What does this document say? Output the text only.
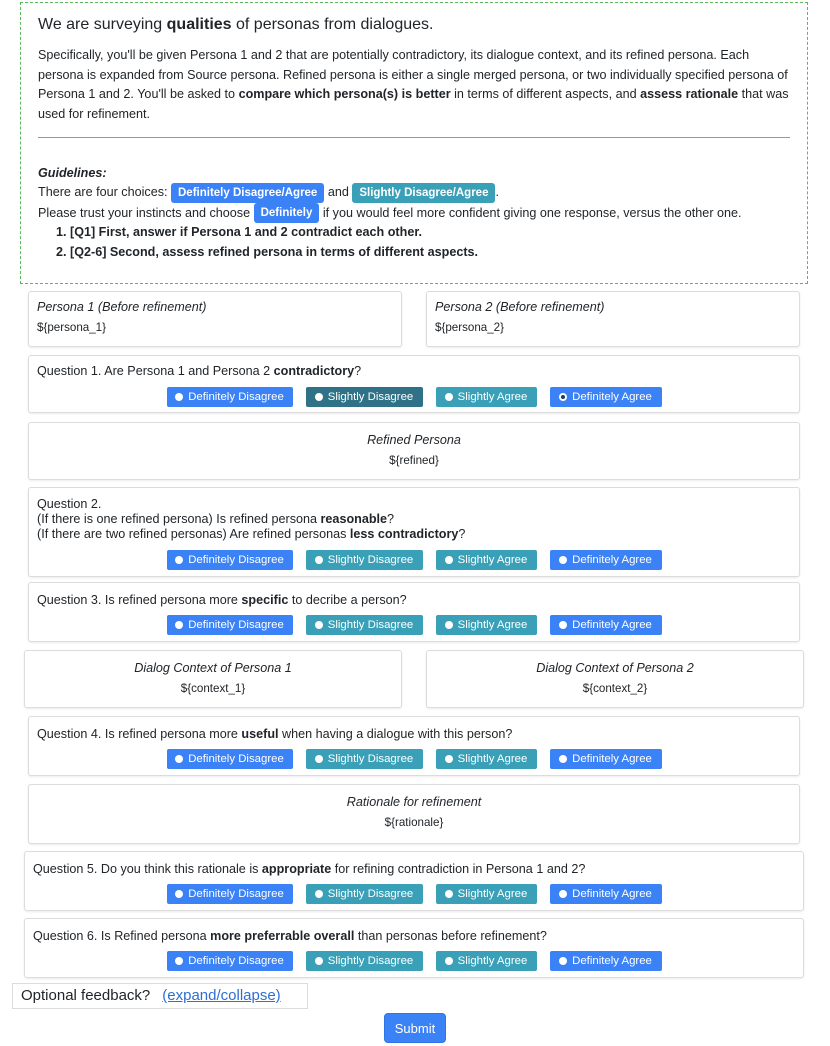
We are surveying qualities of personas from dialogues.
Specifically, you'll be given Persona 1 and 2 that are potentially contradictory, its dialogue context, and its refined persona. Each persona is expanded from Source persona. Refined persona is either a single merged persona, or two individually specified persona of Persona 1 and 2. You'll be asked to compare which persona(s) is better in terms of different aspects, and assess rationale that was used for refinement.
Guidelines:
There are four choices: Definitely Disagree/Agree and Slightly Disagree/Agree .
Please trust your instincts and choose Definitely if you would feel more confident giving one response, versus the other one.
1. [Q1] First, answer if Persona 1 and 2 contradict each other.
2. [Q2-6] Second, assess refined persona in terms of different aspects.
Persona 1 (Before refinement)
${persona_1}
Persona 2 (Before refinement)
${persona_2}
Question 1. Are Persona 1 and Persona 2 contradictory?
Definitely Disagree	Slightly Disagree	Slightly Agree	Definitely Agree
Refined Persona
${refined}
Question 2.
(If there is one refined persona) Is refined persona reasonable?
(If there are two refined personas) Are refined personas less contradictory?
Definitely Disagree	Slightly Disagree	Slightly Agree	Definitely Agree
Question 3. Is refined persona more specific to decribe a person?
Definitely Disagree	Slightly Disagree	Slightly Agree	Definitely Agree
Dialog Context of Persona 1
${context_1}
Dialog Context of Persona 2
${context_2}
Question 4. Is refined persona more useful when having a dialogue with this person?
Definitely Disagree	Slightly Disagree	Slightly Agree	Definitely Agree
Rationale for refinement
${rationale}
Question 5. Do you think this rationale is appropriate for refining contradiction in Persona 1 and 2?
Definitely Disagree	Slightly Disagree	Slightly Agree	Definitely Agree
Question 6. Is Refined persona more preferrable overall than personas before refinement?
Definitely Disagree	Slightly Disagree	Slightly Agree	Definitely Agree
Optional feedback? (expand/collapse)
Submit
